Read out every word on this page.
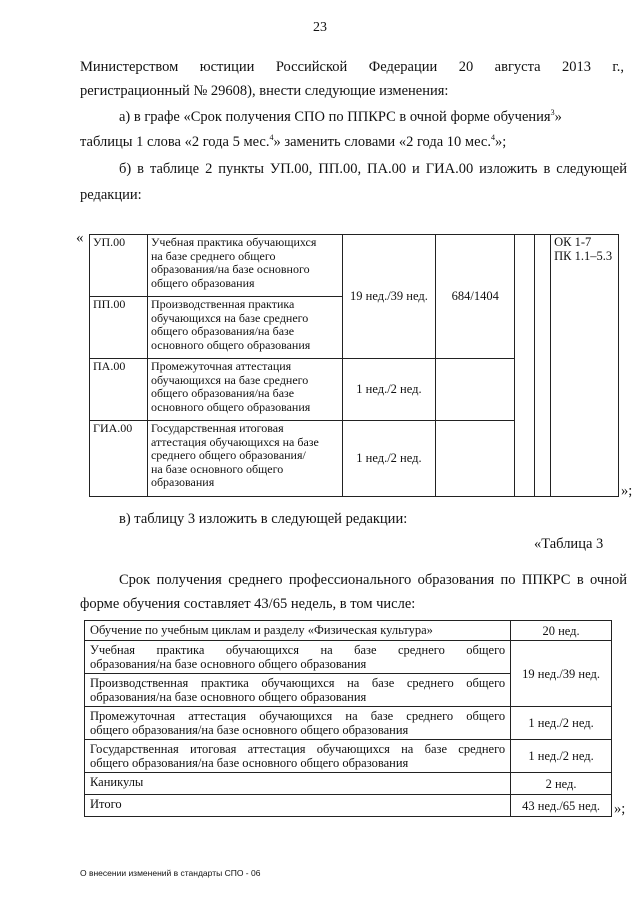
23
Министерством юстиции Российской Федерации 20 августа 2013 г.,
регистрационный № 29608), внести следующие изменения:
а) в графе «Срок получения СПО по ППКРС в очной форме обучения$^3$»
таблицы 1 слова «2 года 5 мес.$^4$» заменить словами «2 года 10 мес.$^4$»;
б) в таблице 2 пункты УП.00, ПП.00, ПА.00 и ГИА.00 изложить в следующей
редакции:
« УП.00	Учебная практика обучающихся
на базе среднего общего
образования/на базе основного
общего образования	19 нед./39 нед.	684/1404			ОК 1-7
ПК 1.1–5.3

ПП.00	Производственная практика
обучающихся на базе среднего
общего образования/на базе
основного общего образования					

ПА.00	Промежуточная аттестация
обучающихся на базе среднего
общего образования/на базе
основного общего образования	1 нед./2 нед.				
ГИА.00	Государственная итоговая
аттестация обучающихся на базе
среднего общего образования/
на базе основного общего
образования	1 нед./2 нед.				
»;
в) таблицу 3 изложить в следующей редакции:
«Таблица 3
Срок получения среднего профессионального образования по ППКРС в очной
форме обучения составляет 43/65 недель, в том числе:
Обучение по учебным циклам и разделу «Физическая культура»	20 нед.

Учебная практика обучающихся на базе среднего общего
образования/на базе основного общего образования	19 нед./39 нед.

Производственная практика обучающихся на базе среднего общего
образования/на базе основного общего образования	

Промежуточная аттестация обучающихся на базе среднего общего
общего образования/на базе основного общего образования	1 нед./2 нед.

Государственная итоговая аттестация обучающихся на базе среднего
общего образования/на базе основного общего образования	1 нед./2 нед.
Каникулы	2 нед.
Итого	43 нед./65 нед. »;
О внесении изменений в стандарты СПО - 06
